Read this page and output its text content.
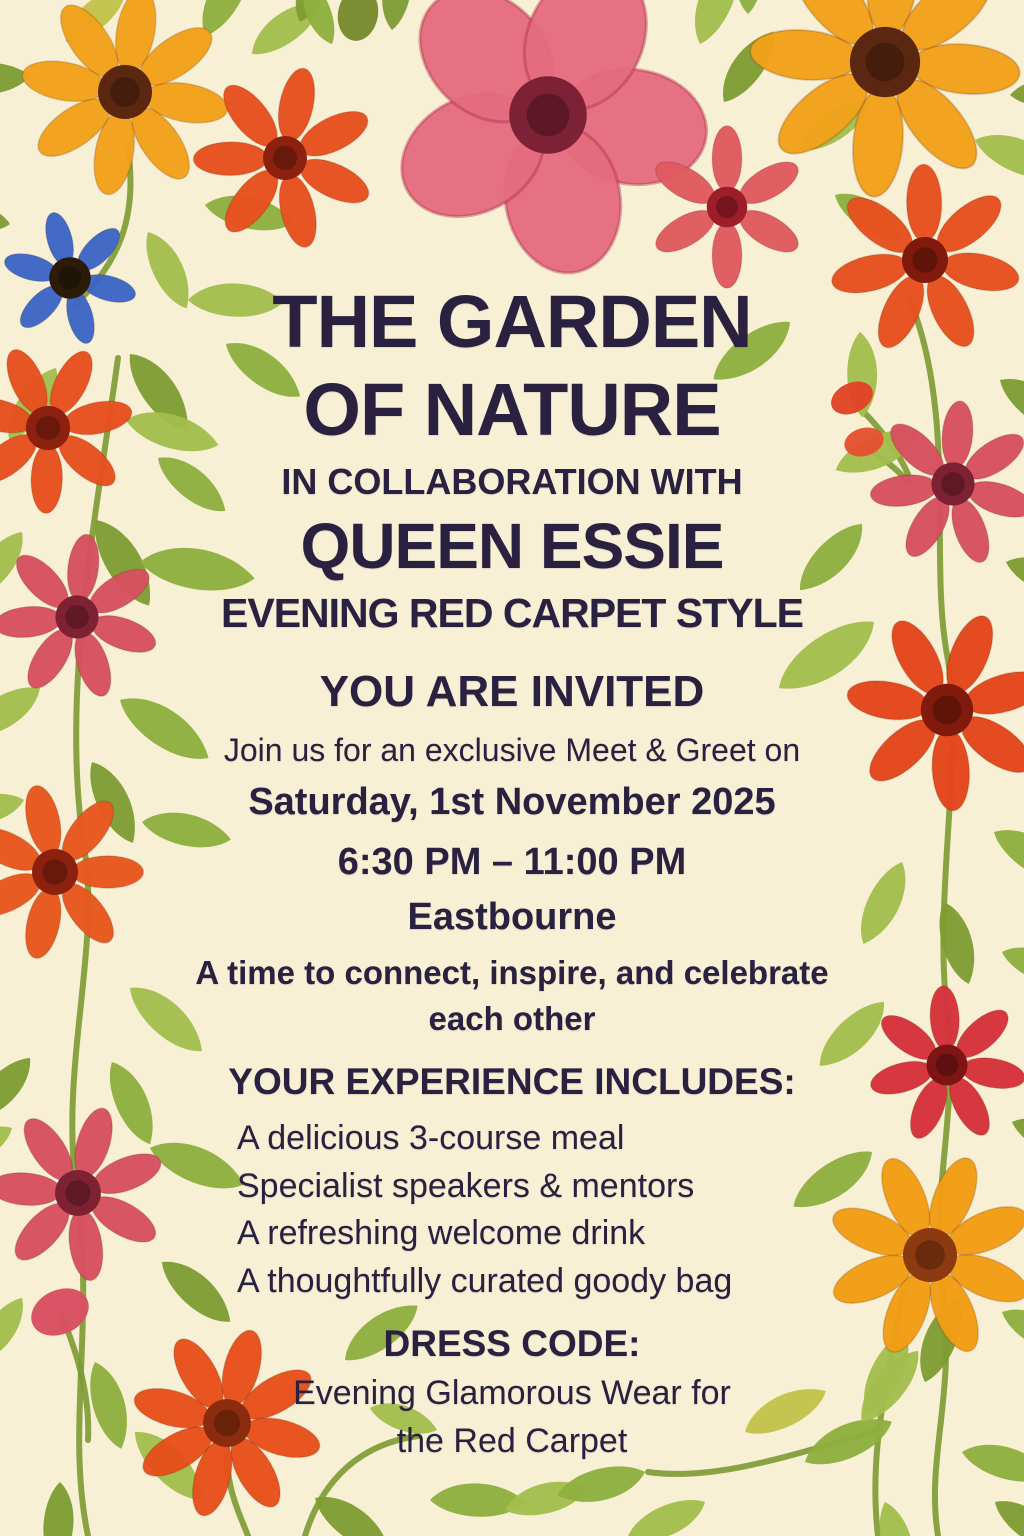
THE GARDEN
OF NATURE
IN COLLABORATION WITH
QUEEN ESSIE
EVENING RED CARPET STYLE
YOU ARE INVITED
Join us for an exclusive Meet & Greet on
Saturday, 1st November 2025
6:30 PM – 11:00 PM
Eastbourne
A time to connect, inspire, and celebrate
each other
YOUR EXPERIENCE INCLUDES:
A delicious 3-course meal
Specialist speakers & mentors
A refreshing welcome drink
A thoughtfully curated goody bag
DRESS CODE:
Evening Glamorous Wear for
the Red Carpet
